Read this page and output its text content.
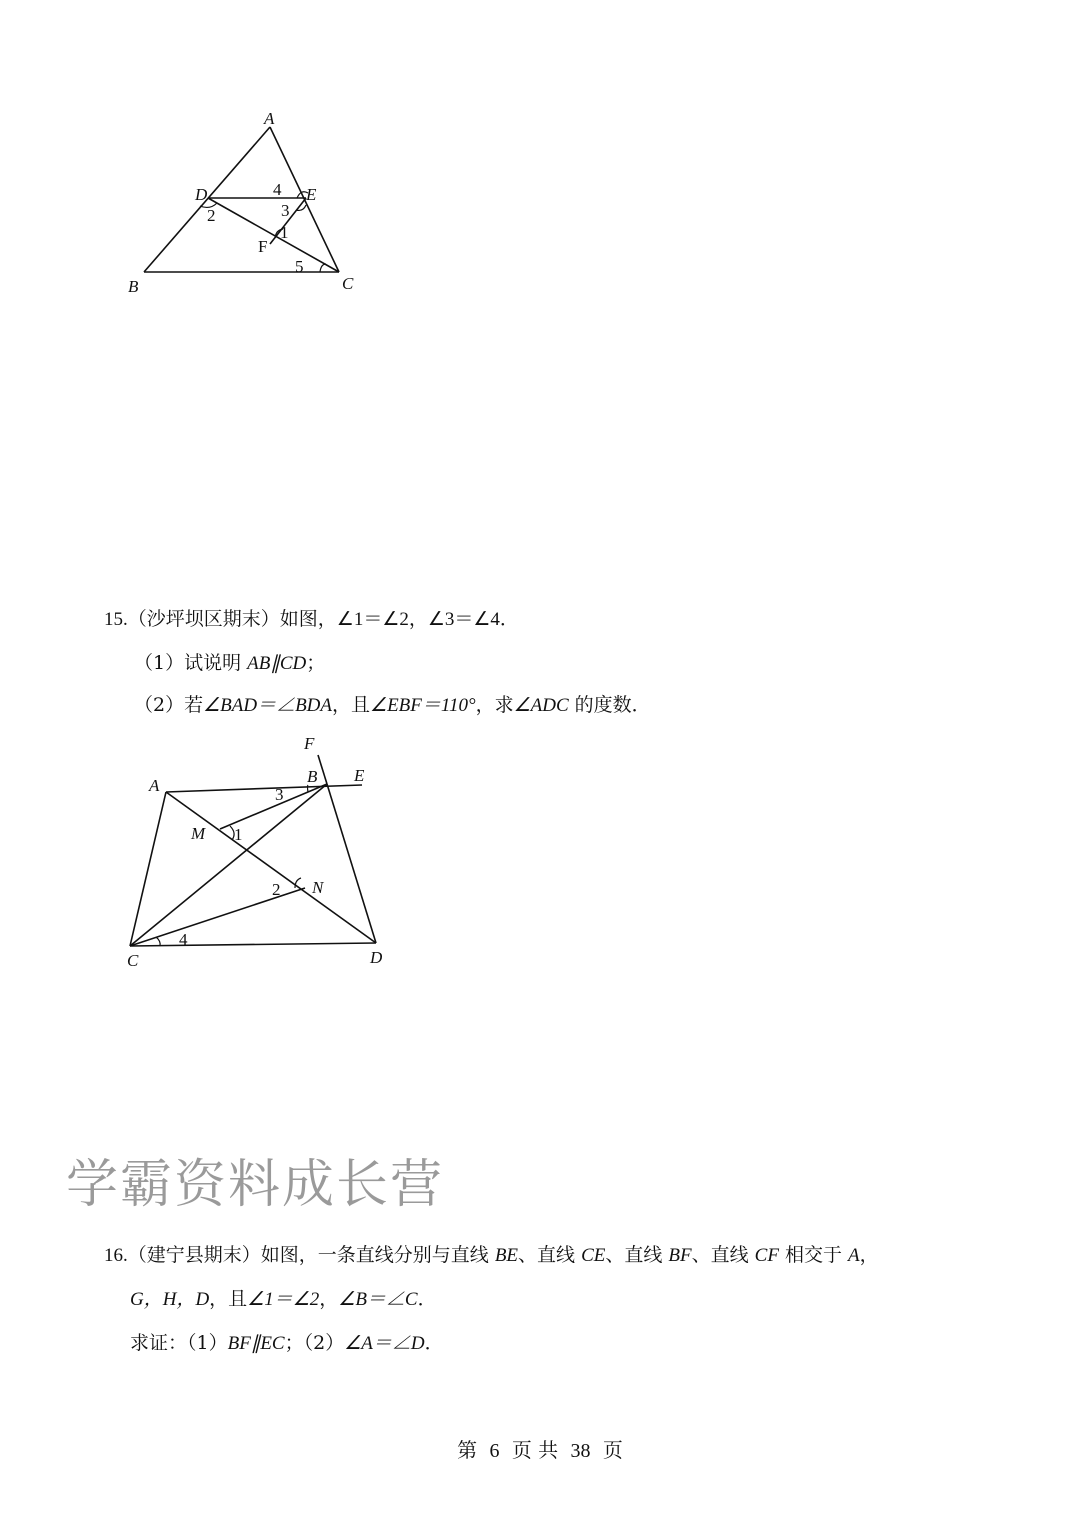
A
D	E
F
B	C
4
3
1
2
5
15.（沙坪坝区期末）如图，∠1＝∠2，∠3＝∠4．
（1）试说明 AB∥CD；
（2）若∠BAD＝∠BDA，且∠EBF＝110°，求∠ADC 的度数．
F
B E
A
M
N
C	D
1
2
3
4
学霸资料成长营
16.（建宁县期末）如图，一条直线分别与直线 BE、直线 CE、直线 BF、直线 CF 相交于 A，
G，H，D，且∠1＝∠2，∠B＝∠C．
求证：（1）BF∥EC；（2）∠A＝∠D．
第 6 页 共 38 页
